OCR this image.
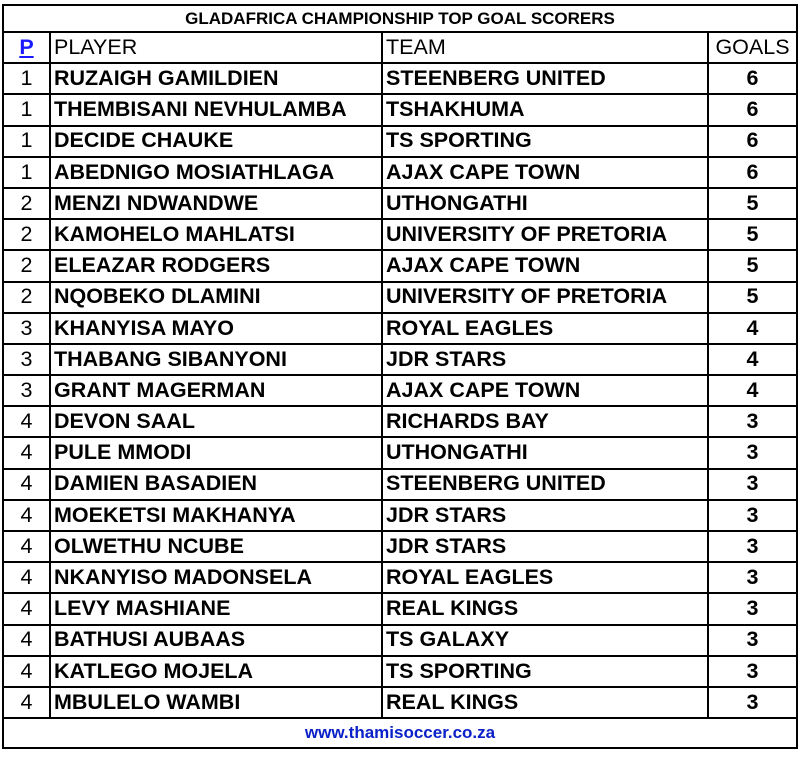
GLADAFRICA CHAMPIONSHIP TOP GOAL SCORERS			
P	PLAYER	TEAM	GOALS
1	RUZAIGH GAMILDIEN	STEENBERG UNITED	6
1	THEMBISANI NEVHULAMBA	TSHAKHUMA	6
1	DECIDE CHAUKE	TS SPORTING	6
1	ABEDNIGO MOSIATHLAGA	AJAX CAPE TOWN	6
2	MENZI NDWANDWE	UTHONGATHI	5
2	KAMOHELO MAHLATSI	UNIVERSITY OF PRETORIA	5
2	ELEAZAR RODGERS	AJAX CAPE TOWN	5
2	NQOBEKO DLAMINI	UNIVERSITY OF PRETORIA	5
3	KHANYISA MAYO	ROYAL EAGLES	4
3	THABANG SIBANYONI	JDR STARS	4
3	GRANT MAGERMAN	AJAX CAPE TOWN	4
4	DEVON SAAL	RICHARDS BAY	3
4	PULE MMODI	UTHONGATHI	3
4	DAMIEN BASADIEN	STEENBERG UNITED	3
4	MOEKETSI MAKHANYA	JDR STARS	3
4	OLWETHU NCUBE	JDR STARS	3
4	NKANYISO MADONSELA	ROYAL EAGLES	3
4	LEVY MASHIANE	REAL KINGS	3
4	BATHUSI AUBAAS	TS GALAXY	3
4	KATLEGO MOJELA	TS SPORTING	3
4	MBULELO WAMBI	REAL KINGS	3
www.thamisoccer.co.za			
